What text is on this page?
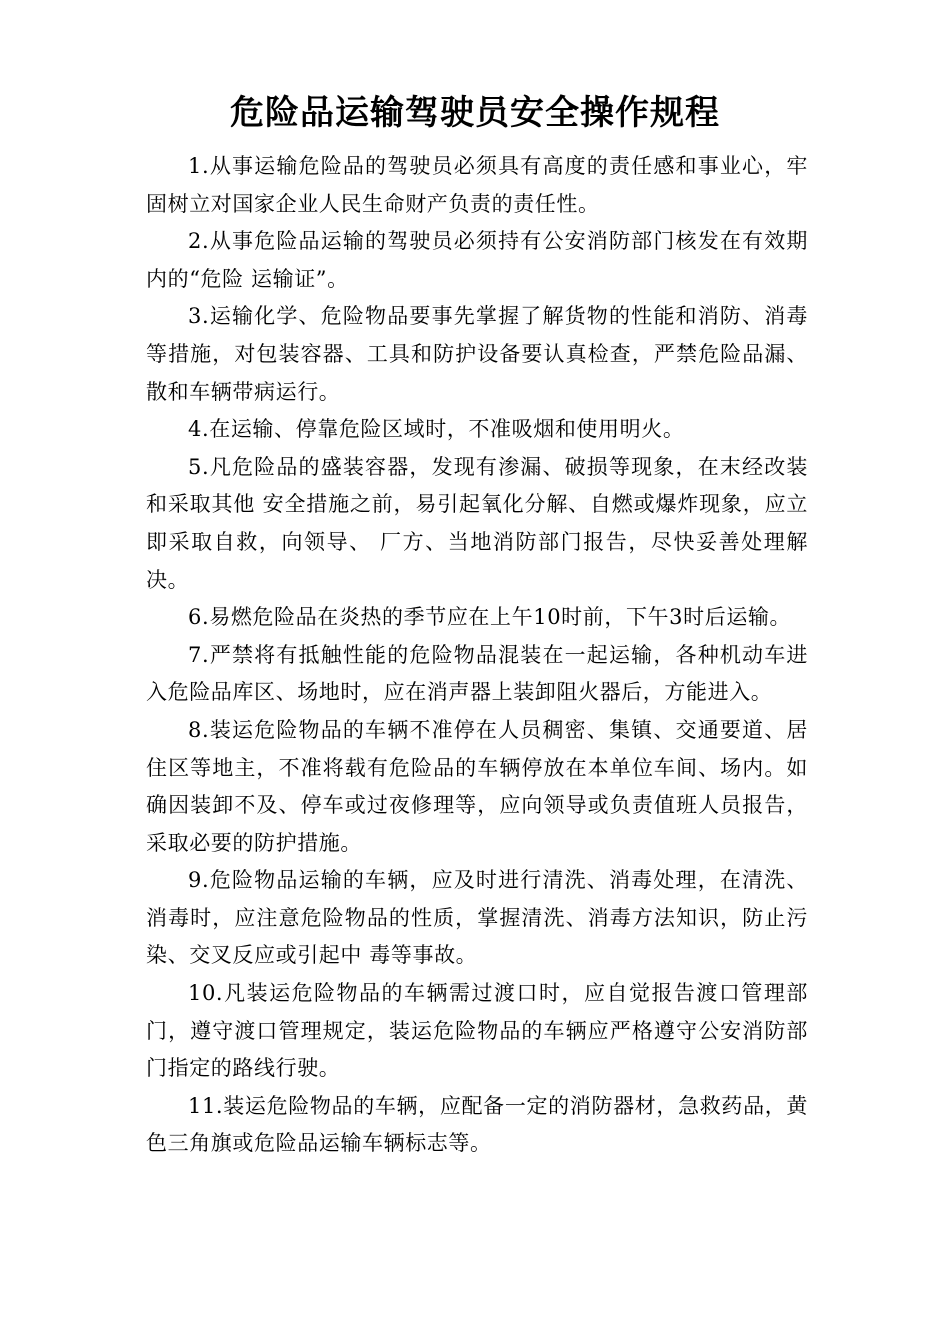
危险品运输驾驶员安全操作规程

1.从事运输危险品的驾驶员必须具有高度的责任感和事业心，牢固树立对国家企业人民生命财产负责的责任性。

2.从事危险品运输的驾驶员必须持有公安消防部门核发在有效期内的“危险 运输证”。

3.运输化学、危险物品要事先掌握了解货物的性能和消防、消毒等措施，对包装容器、工具和防护设备要认真检查，严禁危险品漏、散和车辆带病运行。

4.在运输、停靠危险区域时，不准吸烟和使用明火。

5.凡危险品的盛装容器，发现有渗漏、破损等现象，在末经改装和采取其他 安全措施之前，易引起氧化分解、自燃或爆炸现象，应立即采取自救，向领导、 厂方、当地消防部门报告，尽快妥善处理解决。

6.易燃危险品在炎热的季节应在上午10时前，下午3时后运输。

7.严禁将有抵触性能的危险物品混装在一起运输，各种机动车进入危险品库区、场地时，应在消声器上装卸阻火器后，方能进入。

8.装运危险物品的车辆不准停在人员稠密、集镇、交通要道、居住区等地主，不准将载有危险品的车辆停放在本单位车间、场内。如确因装卸不及、停车或过夜修理等，应向领导或负责值班人员报告，采取必要的防护措施。

9.危险物品运输的车辆，应及时进行清洗、消毒处理，在清洗、消毒时，应注意危险物品的性质，掌握清洗、消毒方法知识，防止污染、交叉反应或引起中 毒等事故。

10.凡装运危险物品的车辆需过渡口时，应自觉报告渡口管理部门，遵守渡口管理规定，装运危险物品的车辆应严格遵守公安消防部门指定的路线行驶。

11.装运危险物品的车辆，应配备一定的消防器材，急救药品，黄色三角旗或危险品运输车辆标志等。
